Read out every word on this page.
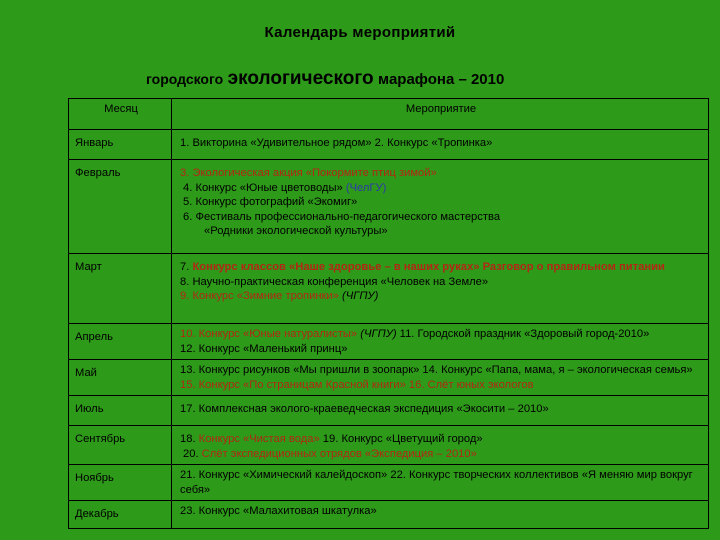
Календарь мероприятий
городского экологического марафона – 2010
Месяц	Мероприятие
Январь	1. Викторина «Удивительное рядом» 2. Конкурс «Тропинка»
Февраль	3. Экологическая акция «Покормите птиц зимой»

4. Конкурс «Юные цветоводы» (ЧелГУ)
5. Конкурс фотографий «Экомиг»
6. Фестиваль профессионально-педагогического мастерства
«Родники экологической культуры»

Март	7. Конкурс классов «Наше здоровье – в наших руках» Разговор о правильном питании
8. Научно-практическая конференция «Человек на Земле»
9. Конкурс «Зимние тропинки» (ЧГПУ)
Апрель	10. Конкурс «Юные натуралисты» (ЧГПУ) 11. Городской праздник «Здоровый город-2010»
12. Конкурс «Маленький принц»
Май	13. Конкурс рисунков «Мы пришли в зоопарк» 14. Конкурс «Папа, мама, я – экологическая семья» 15. Конкурс «По страницам Красной книги» 16. Слёт юных экологов
Июль	17. Комплексная эколого-краеведческая экспедиция «Экосити – 2010»
Сентябрь	18. Конкурс «Чистая вода» 19. Конкурс «Цветущий город»

20. Слёт экспедиционных отрядов «Экспедиция – 2010»

Ноябрь	21. Конкурс «Химический калейдоскоп» 22. Конкурс творческих коллективов «Я меняю мир вокруг себя»
Декабрь	23. Конкурс «Малахитовая шкатулка»
